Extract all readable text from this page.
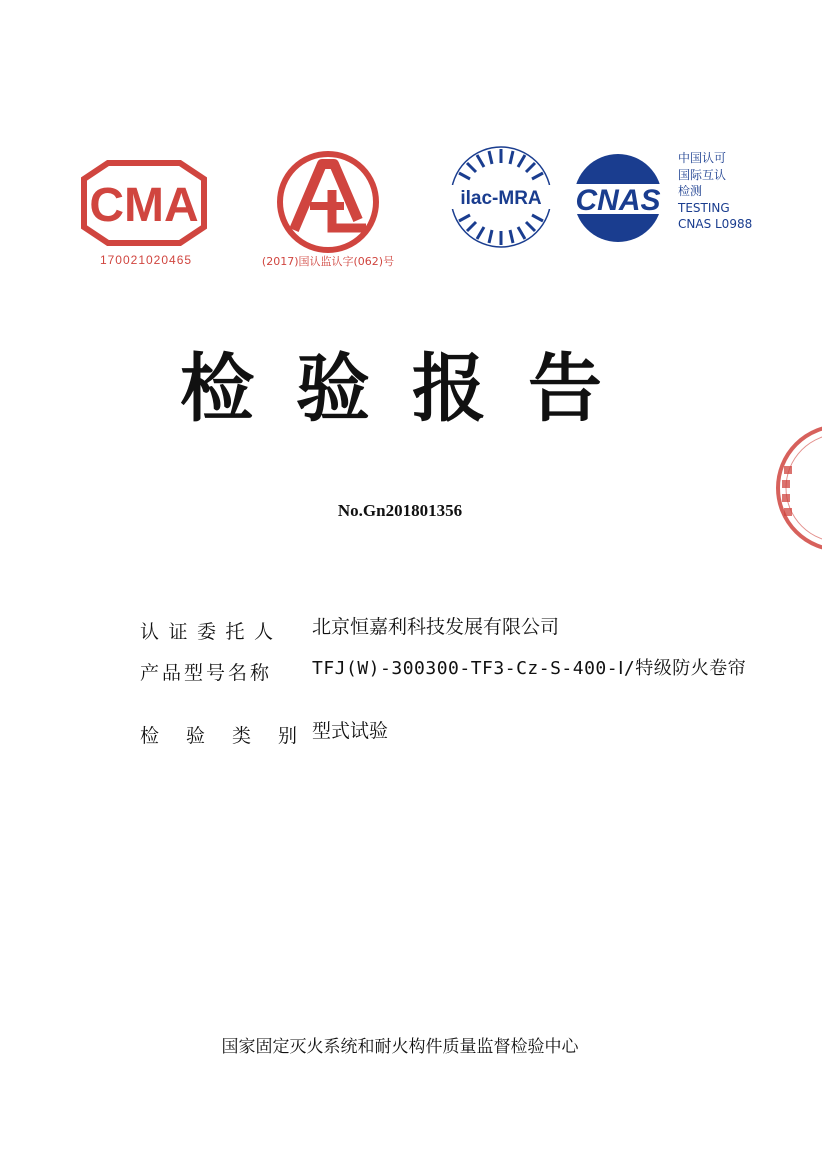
CMA
170021020465	(2017)国认监认字(062)号
ilac-MRA CNAS
中国认可
国际互认
检测
TESTING
CNAS L0988
检验报告
No.Gn201801356
认证委托人 北京恒嘉利科技发展有限公司
产品型号名称	TFJ(W)-300300-TF3-Cz-S-400-Ⅰ/特级防火卷帘
检验类别
型式试验
国家固定灭火系统和耐火构件质量监督检验中心
